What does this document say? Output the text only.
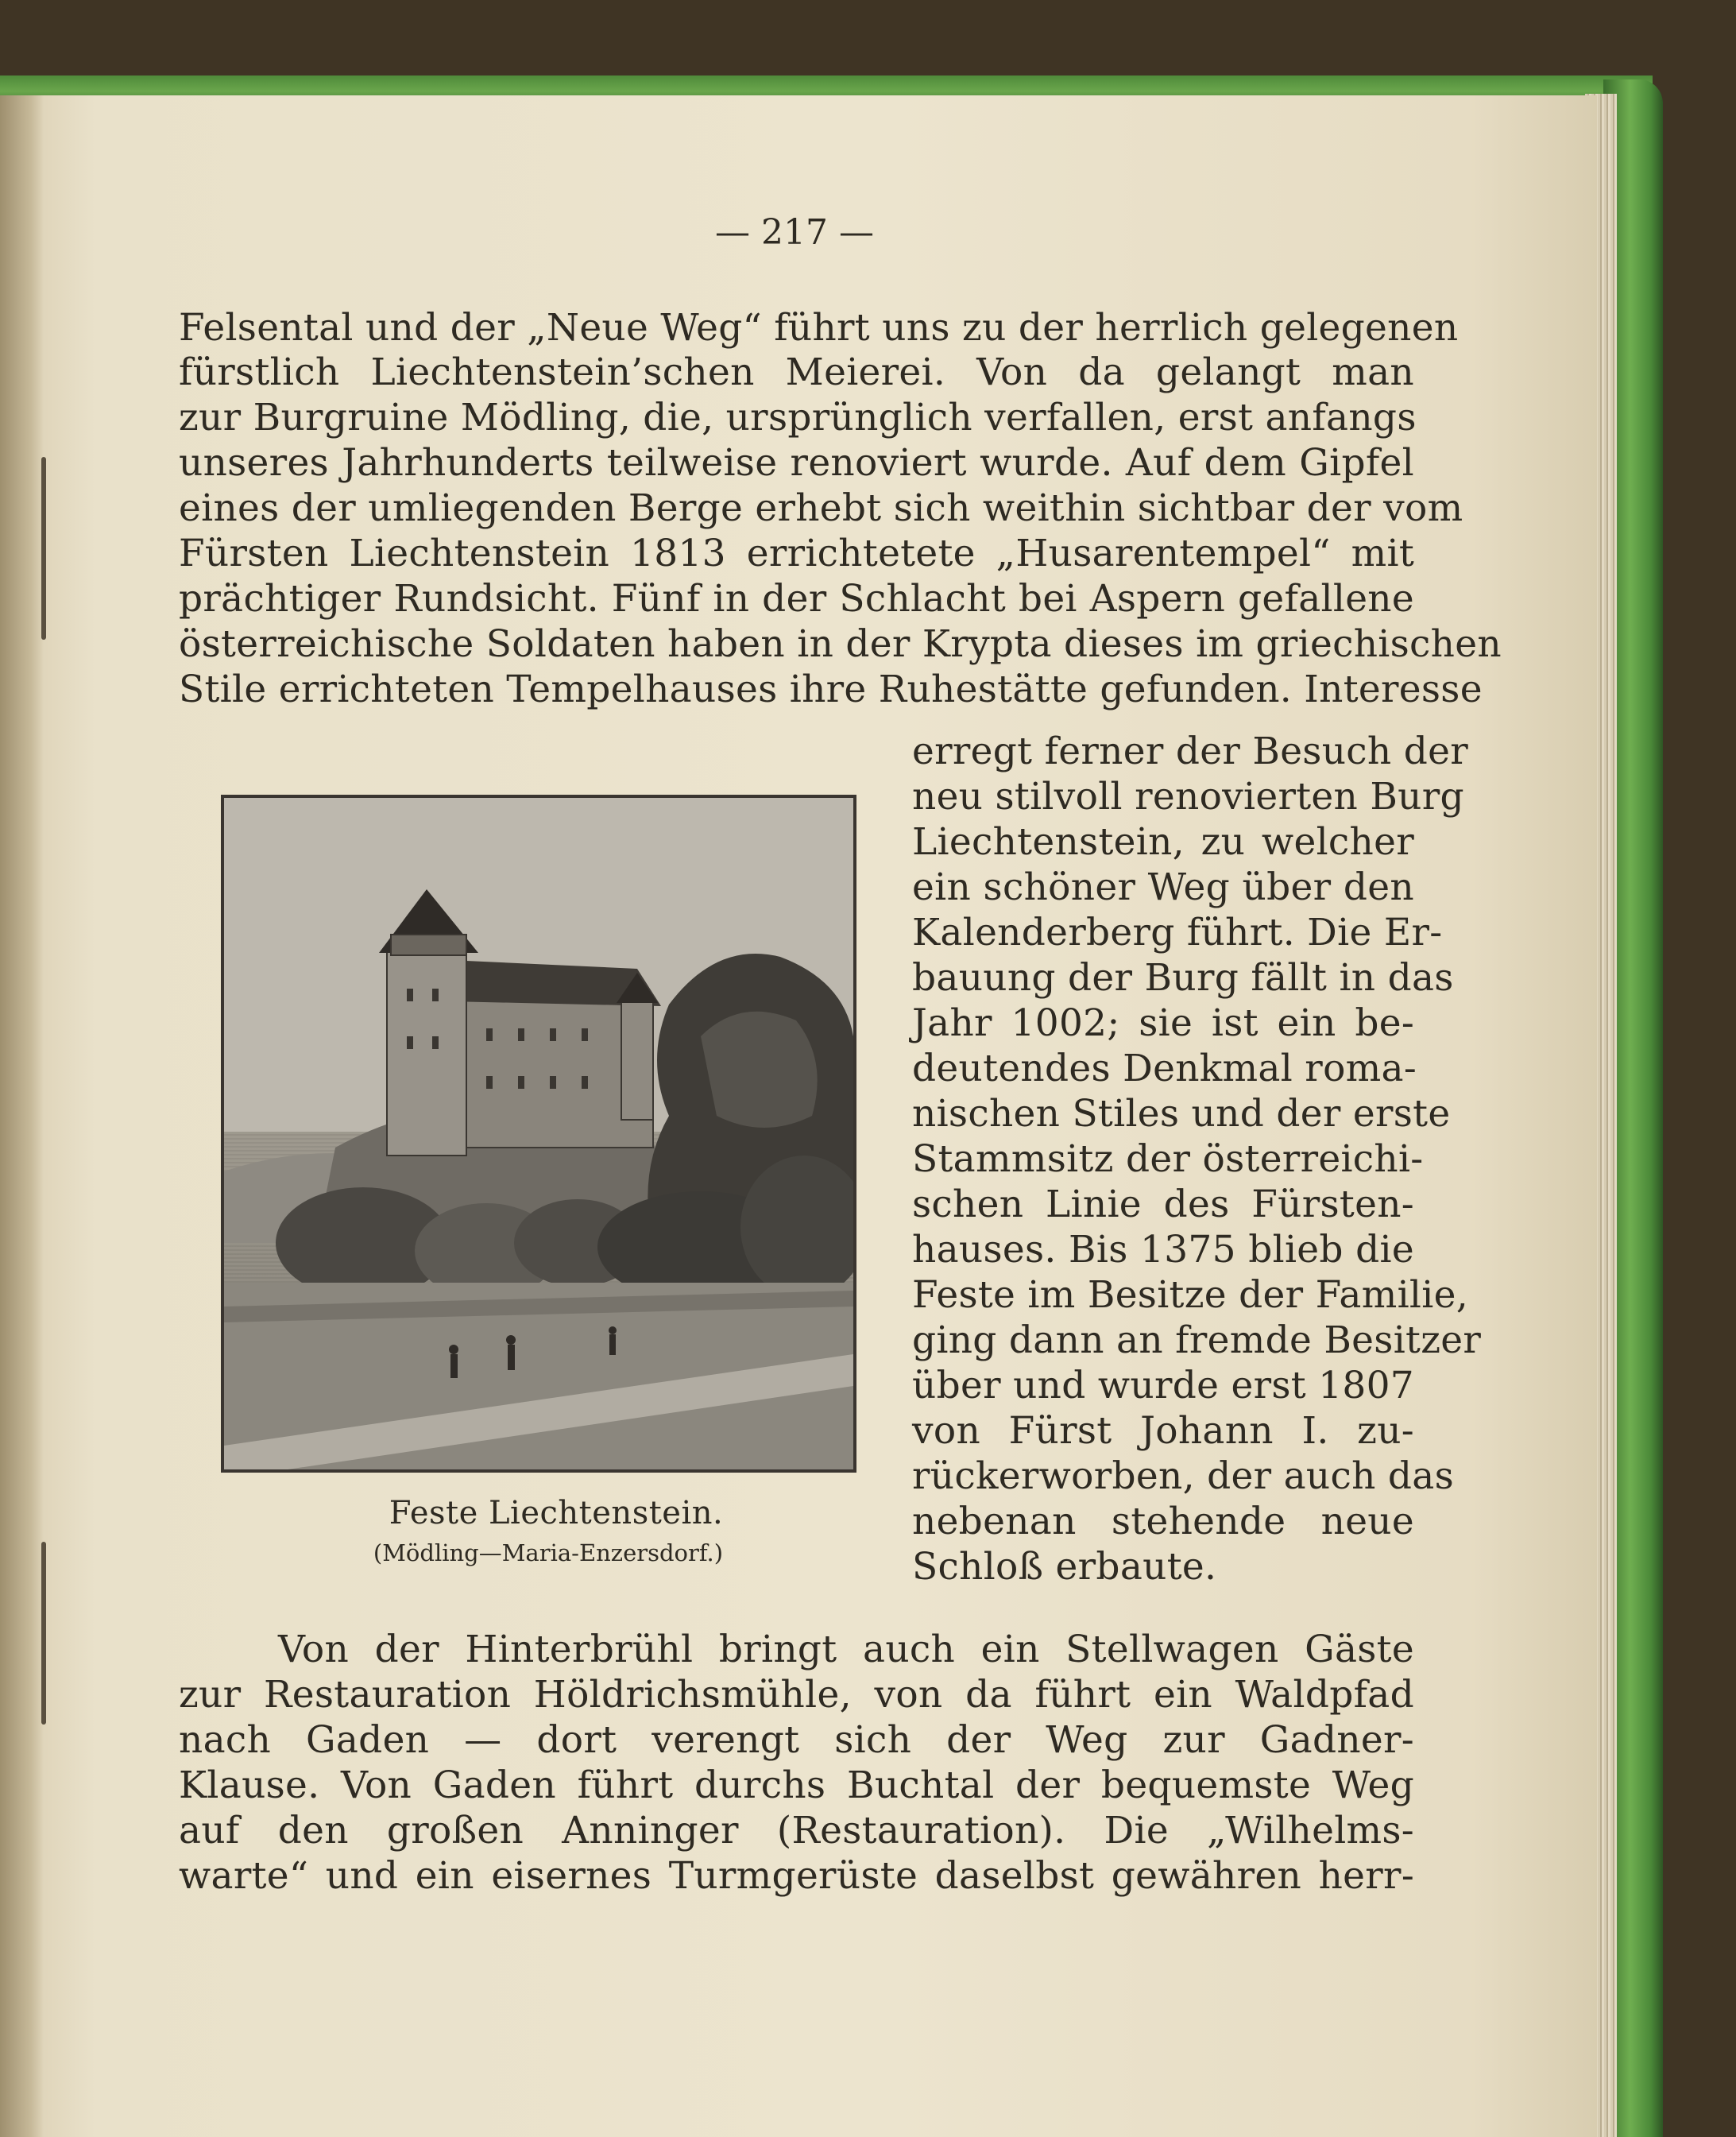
— 217 —
Felsental und der „Neue Weg“ führt uns zu der herrlich gelegenen
fürstlich Liechtenstein’schen Meierei. Von da gelangt man
zur Burgruine Mödling, die, ursprünglich verfallen, erst anfangs
unseres Jahrhunderts teilweise renoviert wurde. Auf dem Gipfel
eines der umliegenden Berge erhebt sich weithin sichtbar der vom
Fürsten Liechtenstein 1813 errichtetete „Husarentempel“ mit
prächtiger Rundsicht. Fünf in der Schlacht bei Aspern gefallene
österreichische Soldaten haben in der Krypta dieses im griechischen
Stile errichteten Tempelhauses ihre Ruhestätte gefunden. Interesse
erregt ferner der Besuch der
neu stilvoll renovierten Burg
Liechtenstein, zu welcher
ein schöner Weg über den
Kalenderberg führt. Die Er-
bauung der Burg fällt in das
Jahr 1002; sie ist ein be-
deutendes Denkmal roma-
nischen Stiles und der erste
Stammsitz der österreichi-
schen Linie des Fürsten-
hauses. Bis 1375 blieb die
Feste im Besitze der Familie,
ging dann an fremde Besitzer
über und wurde erst 1807
von Fürst Johann I. zu-
rückerworben, der auch das
nebenan stehende neue
Schloß erbaute.
Von der Hinterbrühl bringt auch ein Stellwagen Gäste
zur Restauration Höldrichsmühle, von da führt ein Waldpfad
nach Gaden — dort verengt sich der Weg zur Gadner-
Klause. Von Gaden führt durchs Buchtal der bequemste Weg
auf den großen Anninger (Restauration). Die „Wilhelms-
warte“ und ein eisernes Turmgerüste daselbst gewähren herr-
Feste Liechtenstein.
(Mödling—Maria-Enzersdorf.)
